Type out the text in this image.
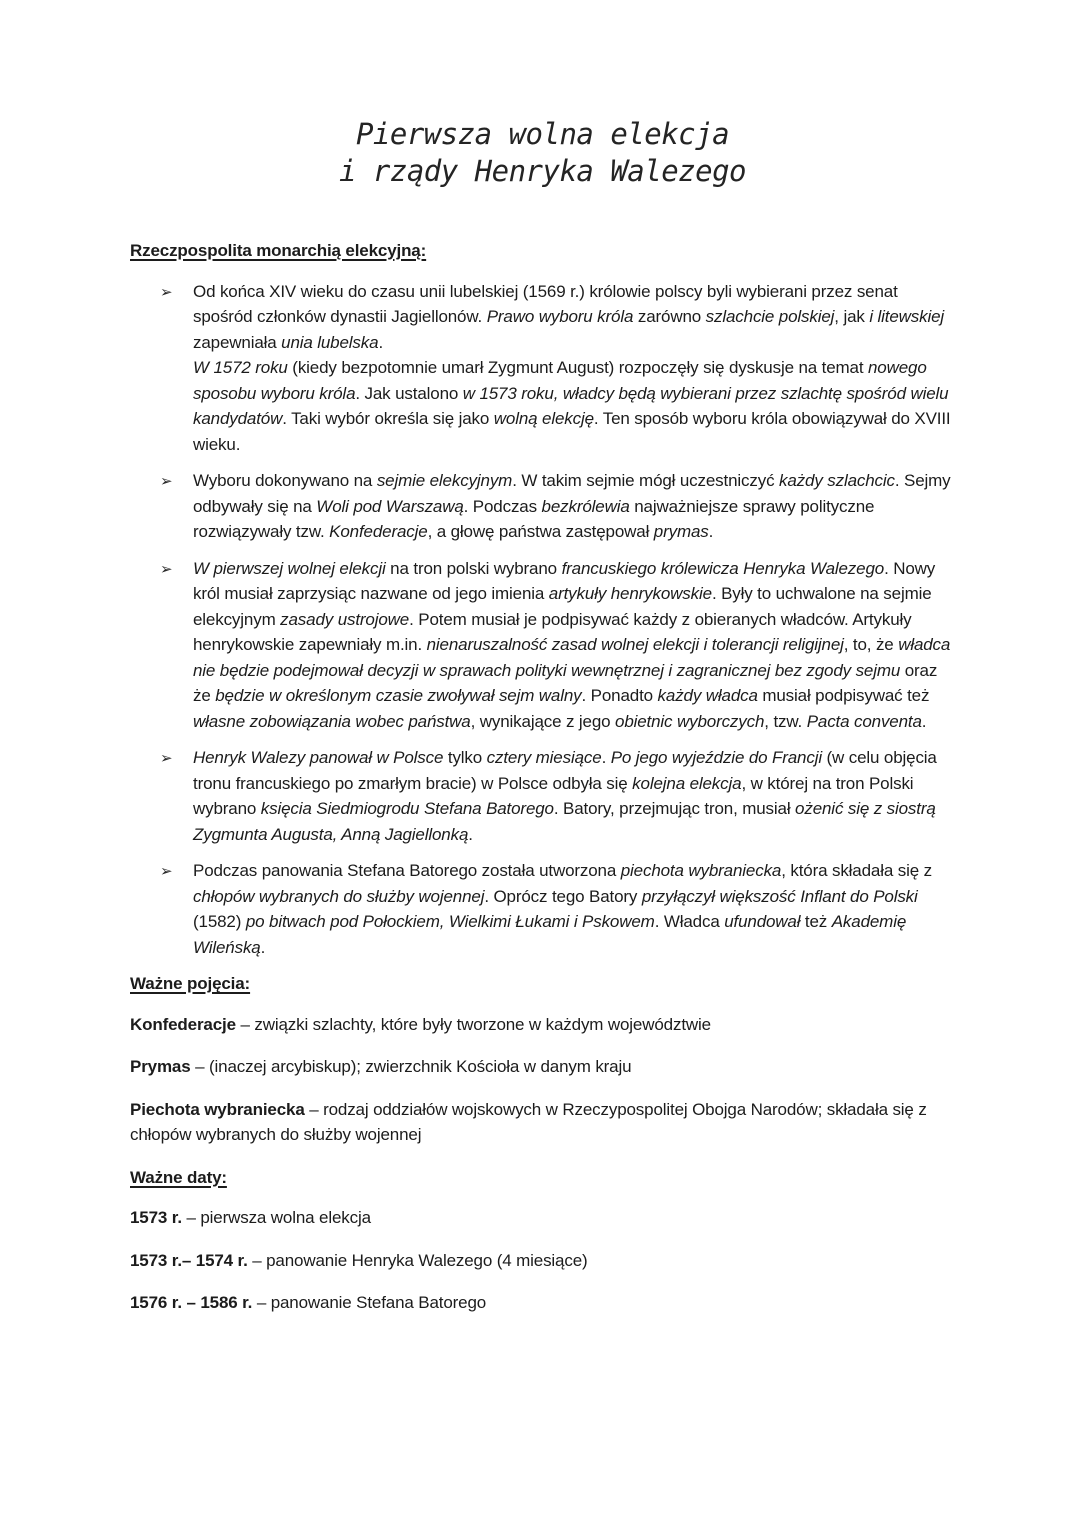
Pierwsza wolna elekcja
i rządy Henryka Walezego
Rzeczpospolita monarchią elekcyjną:
➢ Od końca XIV wieku do czasu unii lubelskiej (1569 r.) królowie polscy byli wybierani przez senat spośród członków dynastii Jagiellonów. Prawo wyboru króla zarówno szlachcie polskiej, jak i litewskiej zapewniała unia lubelska.
W 1572 roku (kiedy bezpotomnie umarł Zygmunt August) rozpoczęły się dyskusje na temat nowego sposobu wyboru króla. Jak ustalono w 1573 roku, władcy będą wybierani przez szlachtę spośród wielu kandydatów. Taki wybór określa się jako wolną elekcję. Ten sposób wyboru króla obowiązywał do XVIII wieku.
➢ Wyboru dokonywano na sejmie elekcyjnym. W takim sejmie mógł uczestniczyć każdy szlachcic. Sejmy odbywały się na Woli pod Warszawą. Podczas bezkrólewia najważniejsze sprawy polityczne rozwiązywały tzw. Konfederacje, a głowę państwa zastępował prymas.
➢ W pierwszej wolnej elekcji na tron polski wybrano francuskiego królewicza Henryka Walezego. Nowy król musiał zaprzysiąc nazwane od jego imienia artykuły henrykowskie. Były to uchwalone na sejmie elekcyjnym zasady ustrojowe. Potem musiał je podpisywać każdy z obieranych władców. Artykuły henrykowskie zapewniały m.in. nienaruszalność zasad wolnej elekcji i tolerancji religijnej, to, że władca nie będzie podejmował decyzji w sprawach polityki wewnętrznej i zagranicznej bez zgody sejmu oraz że będzie w określonym czasie zwoływał sejm walny. Ponadto każdy władca musiał podpisywać też własne zobowiązania wobec państwa, wynikające z jego obietnic wyborczych, tzw. Pacta conventa.
➢ Henryk Walezy panował w Polsce tylko cztery miesiące. Po jego wyjeździe do Francji (w celu objęcia tronu francuskiego po zmarłym bracie) w Polsce odbyła się kolejna elekcja, w której na tron Polski wybrano księcia Siedmiogrodu Stefana Batorego. Batory, przejmując tron, musiał ożenić się z siostrą Zygmunta Augusta, Anną Jagiellonką.
➢ Podczas panowania Stefana Batorego została utworzona piechota wybraniecka, która składała się z chłopów wybranych do służby wojennej. Oprócz tego Batory przyłączył większość Inflant do Polski (1582) po bitwach pod Połockiem, Wielkimi Łukami i Pskowem. Władca ufundował też Akademię Wileńską.
Ważne pojęcia:

Konfederacje – związki szlachty, które były tworzone w każdym województwie

Prymas – (inaczej arcybiskup); zwierzchnik Kościoła w danym kraju

Piechota wybraniecka – rodzaj oddziałów wojskowych w Rzeczypospolitej Obojga Narodów; składała się z chłopów wybranych do służby wojennej

Ważne daty:

1573 r. – pierwsza wolna elekcja

1573 r.– 1574 r. – panowanie Henryka Walezego (4 miesiące)

1576 r. – 1586 r. – panowanie Stefana Batorego
